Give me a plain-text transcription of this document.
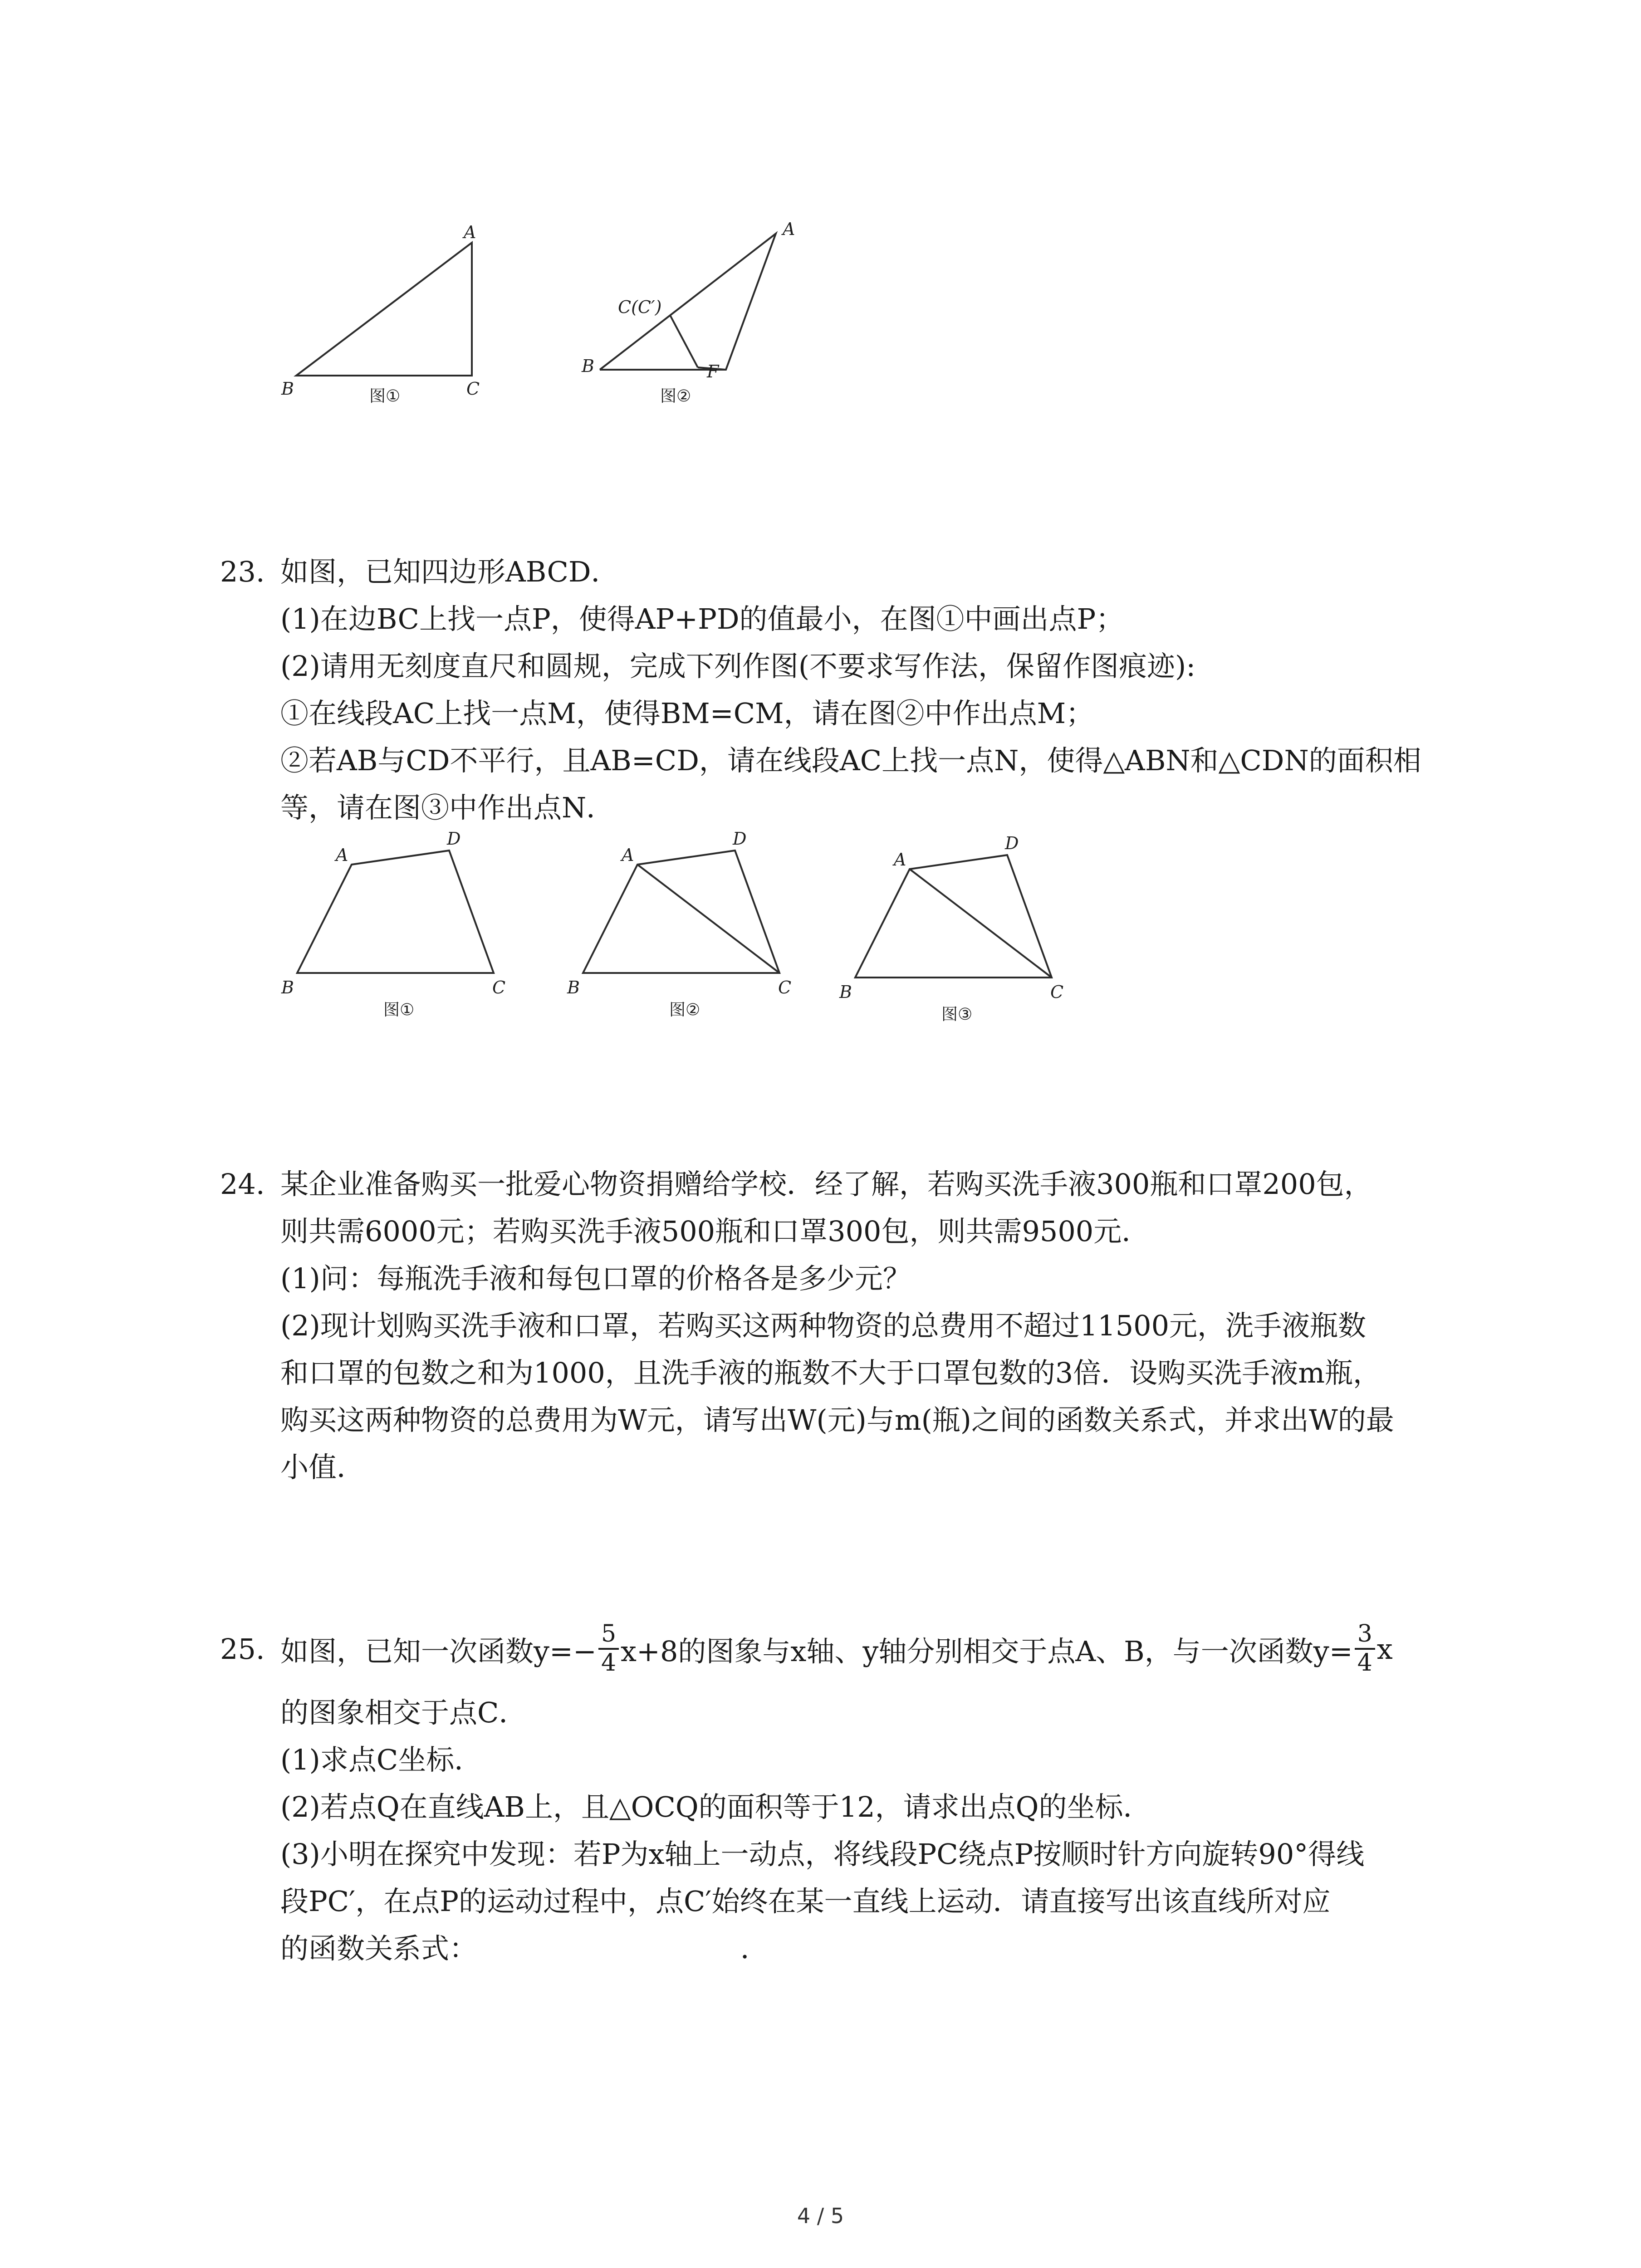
A
B	C
图①
A
C(C′)
B	F
图②
23. 如图，已知四边形ABCD．
(1)在边BC上找一点P，使得AP+PD的值最小，在图①中画出点P；
(2)请用无刻度直尺和圆规，完成下列作图(不要求写作法，保留作图痕迹):
①在线段AC上找一点M，使得BM=CM，请在图②中作出点M；
②若AB与CD不平行，且AB=CD，请在线段AC上找一点N，使得△ABN和△CDN的面积相
等，请在图③中作出点N．
A
D
B	C
图①
A
D
B	C
图②
A
D
B	C
图③
24. 某企业准备购买一批爱心物资捐赠给学校．经了解，若购买洗手液300瓶和口罩200包，
则共需6000元；若购买洗手液500瓶和口罩300包，则共需9500元．
(1)问：每瓶洗手液和每包口罩的价格各是多少元？
(2)现计划购买洗手液和口罩，若购买这两种物资的总费用不超过11500元，洗手液瓶数
和口罩的包数之和为1000，且洗手液的瓶数不大于口罩包数的3倍．设购买洗手液m瓶，
购买这两种物资的总费用为W元，请写出W(元)与m(瓶)之间的函数关系式，并求出W的最
小值．
25. 如图，已知一次函数$y=- \frac{5}{4} x+8$的图象与x轴、y轴分别相交于点A、B，与一次函数$y= \frac{3}{4}$ x
的图象相交于点C．
(1)求点C坐标．
(2)若点Q在直线AB上，且△OCQ的面积等于12，请求出点Q的坐标．
(3)小明在探究中发现：若P为x轴上一动点，将线段PC绕点P按顺时针方向旋转90°得线
段PC′，在点P的运动过程中，点C′始终在某一直线上运动．请直接写出该直线所对应
的函数关系式：	．
4 / 5
